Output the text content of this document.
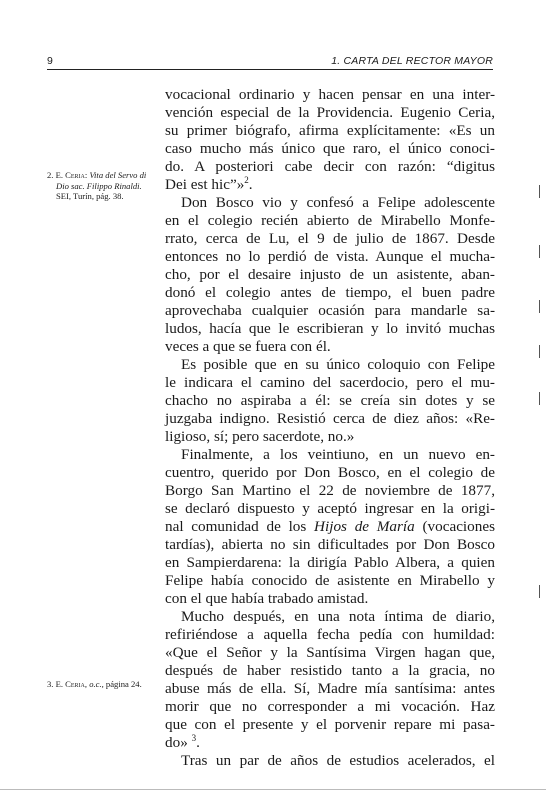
9	1. CARTA DEL RECTOR MAYOR

vocacional ordinario y hacen pensar en una inter-

vención especial de la Providencia. Eugenio Ceria,

su primer biógrafo, afirma explícitamente: «Es un

caso mucho más único que raro, el único conoci-

do. A posteriori cabe decir con razón: “digitus

Dei est hic”»$^2$.

Don Bosco vio y confesó a Felipe adolescente

en el colegio recién abierto de Mirabello Monfe-

rrato, cerca de Lu, el 9 de julio de 1867. Desde

entonces no lo perdió de vista. Aunque el mucha-

cho, por el desaire injusto de un asistente, aban-

donó el colegio antes de tiempo, el buen padre

aprovechaba cualquier ocasión para mandarle sa-

ludos, hacía que le escribieran y lo invitó muchas

veces a que se fuera con él.

Es posible que en su único coloquio con Felipe

le indicara el camino del sacerdocio, pero el mu-

chacho no aspiraba a él: se creía sin dotes y se

juzgaba indigno. Resistió cerca de diez años: «Re-

ligioso, sí; pero sacerdote, no.»

Finalmente, a los veintiuno, en un nuevo en-

cuentro, querido por Don Bosco, en el colegio de

Borgo San Martino el 22 de noviembre de 1877,

se declaró dispuesto y aceptó ingresar en la origi-

nal comunidad de los Hijos de María (vocaciones

tardías), abierta no sin dificultades por Don Bosco

en Sampierdarena: la dirigía Pablo Albera, a quien

Felipe había conocido de asistente en Mirabello y

con el que había trabado amistad.

Mucho después, en una nota íntima de diario,

refiriéndose a aquella fecha pedía con humildad:

«Que el Señor y la Santísima Virgen hagan que,

después de haber resistido tanto a la gracia, no

abuse más de ella. Sí, Madre mía santísima: antes

morir que no corresponder a mi vocación. Haz

que con el presente y el porvenir repare mi pasa-

do» $^3$.

Tras un par de años de estudios acelerados, el

2. E. Ceria: Vita del Servo di Dio sac. Filippo Rinaldi. SEI, Turín, pág. 38.

3. E. Ceria, o.c., página 24.
